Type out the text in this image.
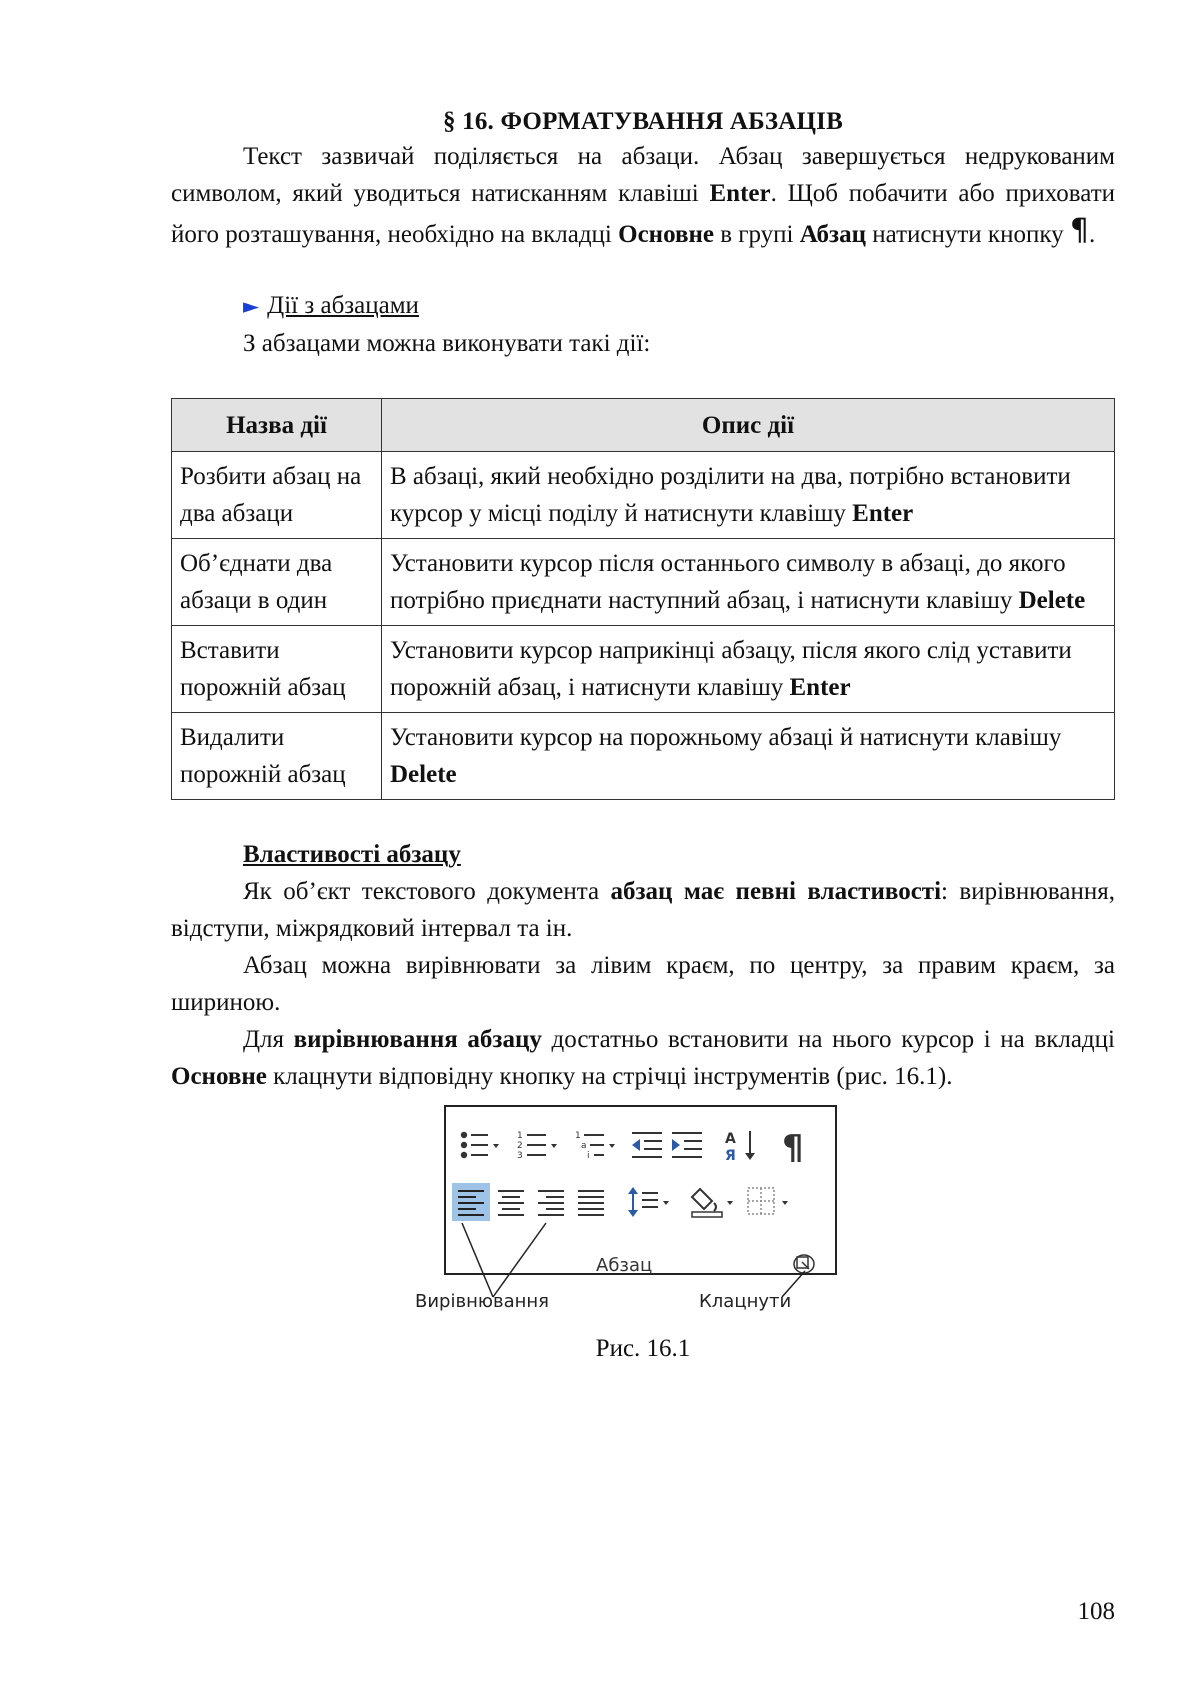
§ 16. ФОРМАТУВАННЯ АБЗАЦІВ

Текст зазвичай поділяється на абзаци. Абзац завершується недрукованим символом, який уводиться натисканням клавіші Enter. Щоб побачити або приховати його розташування, необхідно на вкладці Основне в групі Абзац натиснути кнопку ¶.

► Дії з абзацами
З абзацами можна виконувати такі дії:
Назва дії	Опис дії
Розбити абзац на два абзаци	В абзаці, який необхідно розділити на два, потрібно встановити курсор у місці поділу й натиснути клавішу Enter
Об’єднати два абзаци в один	Установити курсор після останнього символу в абзаці, до якого потрібно приєднати наступний абзац, і натиснути клавішу Delete
Вставити порожній абзац	Установити курсор наприкінці абзацу, після якого слід уставити порожній абзац, і натиснути клавішу Enter
Видалити порожній абзац	Установити курсор на порожньому абзаці й натиснути клавішу Delete
Властивості абзацу

Як об’єкт текстового документа абзац має певні властивості: вирівнювання, відступи, міжрядковий інтервал та ін.

Абзац можна вирівнювати за лівим краєм, по центру, за правим краєм, за шириною.

Для вирівнювання абзацу достатньо встановити на нього курсор і на вкладці Основне клацнути відповідну кнопку на стрічці інструментів (рис. 16.1).

1
2
3
1
a
i
A
Я ¶
Абзац
Вирівнювання	Клацнути
Рис. 16.1
108
